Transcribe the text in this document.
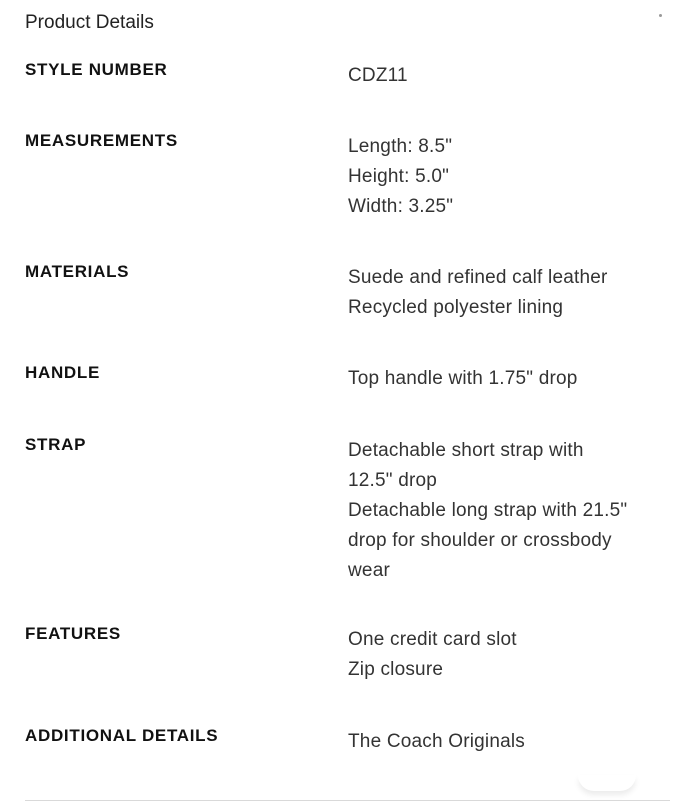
Product Details
STYLE NUMBER	CDZ11
MEASUREMENTS	Length: 8.5"
Height: 5.0"
Width: 3.25"
MATERIALS	Suede and refined calf leather
Recycled polyester lining
HANDLE	Top handle with 1.75" drop
STRAP	Detachable short strap with
12.5" drop
Detachable long strap with 21.5"
drop for shoulder or crossbody
wear
FEATURES	One credit card slot
Zip closure
ADDITIONAL DETAILS	The Coach Originals
